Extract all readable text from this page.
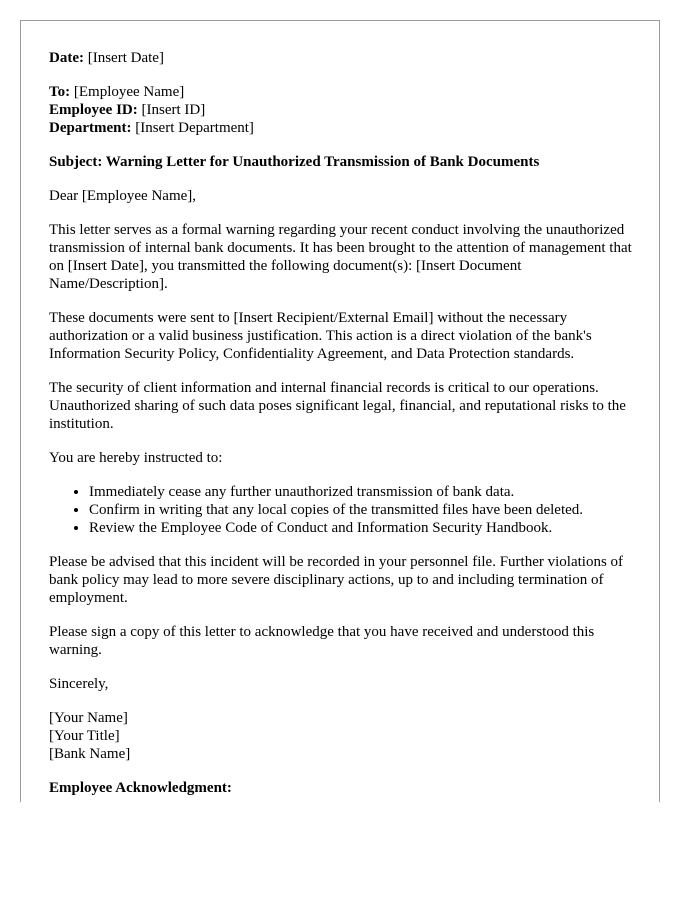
Date: [Insert Date]

To: [Employee Name]

Employee ID: [Insert ID]

Department: [Insert Department]

Subject: Warning Letter for Unauthorized Transmission of Bank Documents

Dear [Employee Name],

This letter serves as a formal warning regarding your recent conduct involving the unauthorized transmission of internal bank documents. It has been brought to the attention of management that on [Insert Date], you transmitted the following document(s): [Insert Document Name/Description].

These documents were sent to [Insert Recipient/External Email] without the necessary authorization or a valid business justification. This action is a direct violation of the bank's Information Security Policy, Confidentiality Agreement, and Data Protection standards.

The security of client information and internal financial records is critical to our operations. Unauthorized sharing of such data poses significant legal, financial, and reputational risks to the institution.

You are hereby instructed to:

• Immediately cease any further unauthorized transmission of bank data.
• Confirm in writing that any local copies of the transmitted files have been deleted.
• Review the Employee Code of Conduct and Information Security Handbook.

Please be advised that this incident will be recorded in your personnel file. Further violations of bank policy may lead to more severe disciplinary actions, up to and including termination of employment.

Please sign a copy of this letter to acknowledge that you have received and understood this warning.

Sincerely,

[Your Name]

[Your Title]

[Bank Name]

Employee Acknowledgment:
